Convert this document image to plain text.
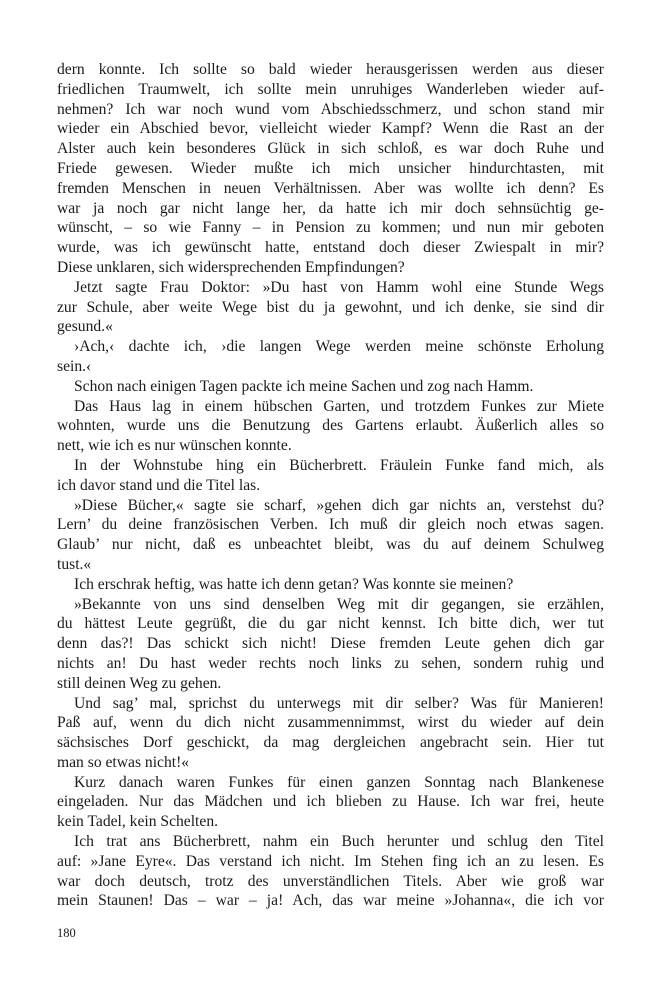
dern konnte. Ich sollte so bald wieder herausgerissen werden aus dieser
friedlichen Traumwelt, ich sollte mein unruhiges Wanderleben wieder auf-
nehmen? Ich war noch wund vom Abschiedsschmerz, und schon stand mir
wieder ein Abschied bevor, vielleicht wieder Kampf? Wenn die Rast an der
Alster auch kein besonderes Glück in sich schloß, es war doch Ruhe und
Friede gewesen. Wieder mußte ich mich unsicher hindurchtasten, mit
fremden Menschen in neuen Verhältnissen. Aber was wollte ich denn? Es
war ja noch gar nicht lange her, da hatte ich mir doch sehnsüchtig ge-
wünscht, – so wie Fanny – in Pension zu kommen; und nun mir geboten
wurde, was ich gewünscht hatte, entstand doch dieser Zwiespalt in mir?
Diese unklaren, sich widersprechenden Empfindungen?
Jetzt sagte Frau Doktor: »Du hast von Hamm wohl eine Stunde Wegs
zur Schule, aber weite Wege bist du ja gewohnt, und ich denke, sie sind dir
gesund.«
›Ach,‹ dachte ich, ›die langen Wege werden meine schönste Erholung
sein.‹
Schon nach einigen Tagen packte ich meine Sachen und zog nach Hamm.
Das Haus lag in einem hübschen Garten, und trotzdem Funkes zur Miete
wohnten, wurde uns die Benutzung des Gartens erlaubt. Äußerlich alles so
nett, wie ich es nur wünschen konnte.
In der Wohnstube hing ein Bücherbrett. Fräulein Funke fand mich, als
ich davor stand und die Titel las.
»Diese Bücher,« sagte sie scharf, »gehen dich gar nichts an, verstehst du?
Lern’ du deine französischen Verben. Ich muß dir gleich noch etwas sagen.
Glaub’ nur nicht, daß es unbeachtet bleibt, was du auf deinem Schulweg
tust.«
Ich erschrak heftig, was hatte ich denn getan? Was konnte sie meinen?
»Bekannte von uns sind denselben Weg mit dir gegangen, sie erzählen,
du hättest Leute gegrüßt, die du gar nicht kennst. Ich bitte dich, wer tut
denn das?! Das schickt sich nicht! Diese fremden Leute gehen dich gar
nichts an! Du hast weder rechts noch links zu sehen, sondern ruhig und
still deinen Weg zu gehen.
Und sag’ mal, sprichst du unterwegs mit dir selber? Was für Manieren!
Paß auf, wenn du dich nicht zusammennimmst, wirst du wieder auf dein
sächsisches Dorf geschickt, da mag dergleichen angebracht sein. Hier tut
man so etwas nicht!«
Kurz danach waren Funkes für einen ganzen Sonntag nach Blankenese
eingeladen. Nur das Mädchen und ich blieben zu Hause. Ich war frei, heute
kein Tadel, kein Schelten.
Ich trat ans Bücherbrett, nahm ein Buch herunter und schlug den Titel
auf: »Jane Eyre«. Das verstand ich nicht. Im Stehen fing ich an zu lesen. Es
war doch deutsch, trotz des unverständlichen Titels. Aber wie groß war
mein Staunen! Das – war – ja! Ach, das war meine »Johanna«, die ich vor
180
